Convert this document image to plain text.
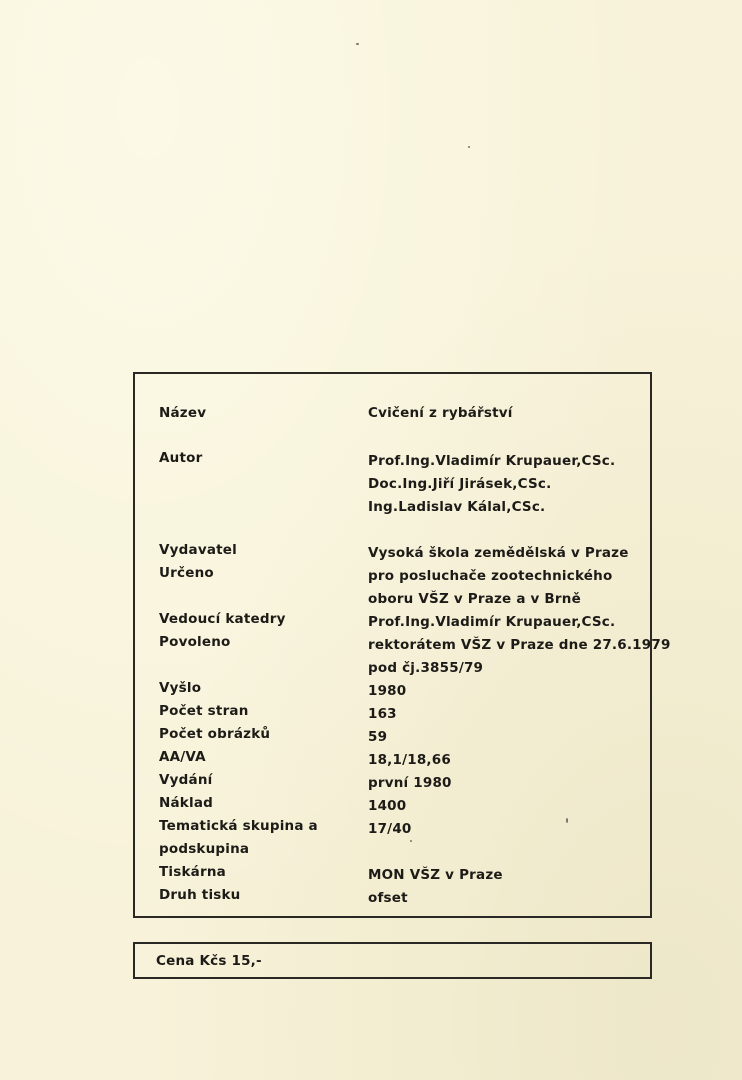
Název	Cvičení z rybářství
Autor	Prof.Ing.Vladimír Krupauer,CSc.
Doc.Ing.Jiří Jirásek,CSc.
Ing.Ladislav Kálal,CSc.
Vydavatel	Vysoká škola zemědělská v Praze
Určeno	pro posluchače zootechnického
oboru VŠZ v Praze a v Brně
Vedoucí katedry	Prof.Ing.Vladimír Krupauer,CSc.
Povoleno	rektorátem VŠZ v Praze dne 27.6.1979
pod čj.3855/79
Vyšlo	1980
Počet stran	163
Počet obrázků	59
AA/VA	18,1/18,66
Vydání	první 1980
Náklad	1400
Tematická skupina a	17/40
podskupina
Tiskárna	MON VŠZ v Praze
Druh tisku	ofset
Cena Kčs 15,-
